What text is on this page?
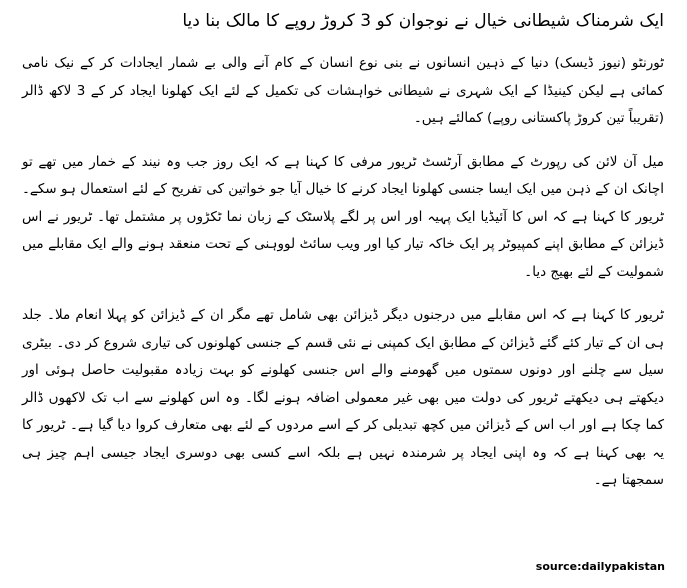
ایک شرمناک شیطانی خیال نے نوجوان کو 3 کروڑ روپے کا مالک بنا دیا

ٹورنٹو (نیوز ڈیسک) دنیا کے ذہین انسانوں نے بنی نوع انسان کے کام آنے والی بے شمار ایجادات کر کے نیک نامی کمائی ہے لیکن کینیڈا کے ایک شہری نے شیطانی خواہشات کی تکمیل کے لئے ایک کھلونا ایجاد کر کے 3 لاکھ ڈالر (تقریباً تین کروڑ پاکستانی روپے) کمالئے ہیں۔

میل آن لائن کی رپورٹ کے مطابق آرٹسٹ ٹریور مرفی کا کہنا ہے کہ ایک روز جب وہ نیند کے خمار میں تھے تو اچانک ان کے ذہن میں ایک ایسا جنسی کھلونا ایجاد کرنے کا خیال آیا جو خواتین کی تفریح کے لئے استعمال ہو سکے۔ ٹریور کا کہنا ہے کہ اس کا آئیڈیا ایک پہیہ اور اس پر لگے پلاسٹک کے زبان نما ٹکڑوں پر مشتمل تھا۔ ٹریور نے اس ڈیزائن کے مطابق اپنے کمپیوٹر پر ایک خاکہ تیار کیا اور ویب سائٹ لووہنی کے تحت منعقد ہونے والے ایک مقابلے میں شمولیت کے لئے بھیج دیا۔

ٹریور کا کہنا ہے کہ اس مقابلے میں درجنوں دیگر ڈیزائن بھی شامل تھے مگر ان کے ڈیزائن کو پہلا انعام ملا۔ جلد ہی ان کے تیار کئے گئے ڈیزائن کے مطابق ایک کمپنی نے نئی قسم کے جنسی کھلونوں کی تیاری شروع کر دی۔ بیٹری سیل سے چلنے اور دونوں سمتوں میں گھومنے والے اس جنسی کھلونے کو بہت زیادہ مقبولیت حاصل ہوئی اور دیکھتے ہی دیکھتے ٹریور کی دولت میں بھی غیر معمولی اضافہ ہونے لگا۔ وہ اس کھلونے سے اب تک لاکھوں ڈالر کما چکا ہے اور اب اس کے ڈیزائن میں کچھ تبدیلی کر کے اسے مردوں کے لئے بھی متعارف کروا دیا گیا ہے۔ ٹریور کا یہ بھی کہنا ہے کہ وہ اپنی ایجاد پر شرمندہ نہیں ہے بلکہ اسے کسی بھی دوسری ایجاد جیسی اہم چیز ہی سمجھتا ہے۔

source:dailypakistan
